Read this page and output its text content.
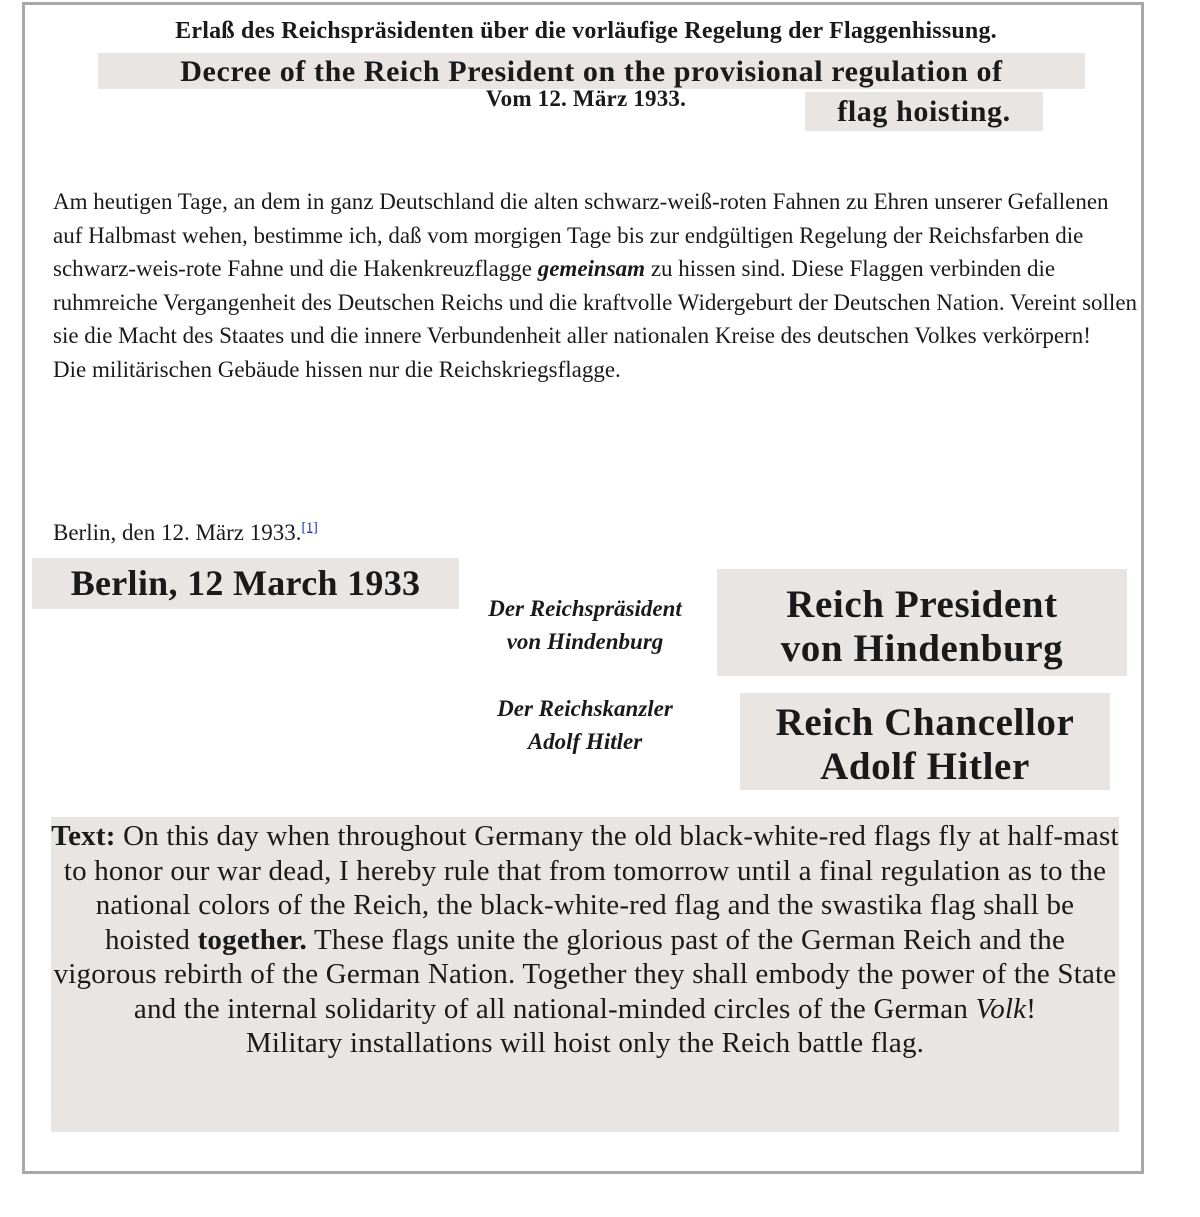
Erlaß des Reichspräsidenten über die vorläufige Regelung der Flaggenhissung.
Decree of the Reich President on the provisional regulation of
Vom 12. März 1933.	flag hoisting.

Am heutigen Tage, an dem in ganz Deutschland die alten schwarz-weiß-roten Fahnen zu Ehren unserer Gefallenen auf Halbmast wehen, bestimme ich, daß vom morgigen Tage bis zur endgültigen Regelung der Reichsfarben die schwarz-weis-rote Fahne und die Hakenkreuzflagge gemeinsam zu hissen sind. Diese Flaggen verbinden die ruhmreiche Vergangenheit des Deutschen Reichs und die kraftvolle Widergeburt der Deutschen Nation. Vereint sollen sie die Macht des Staates und die innere Verbundenheit aller nationalen Kreise des deutschen Volkes verkörpern!

Die militärischen Gebäude hissen nur die Reichskriegsflagge.

Berlin, den 12. März 1933.[1]
Berlin, 12 March 1933
Der Reichspräsident
von Hindenburg
Reich President
von Hindenburg
Der Reichskanzler
Adolf Hitler	Reich Chancellor
Adolf Hitler

Text: On this day when throughout Germany the old black-white-red flags fly at half-mast to honor our war dead, I hereby rule that from tomorrow until a final regulation as to the national colors of the Reich, the black-white-red flag and the swastika flag shall be hoisted together. These flags unite the glorious past of the German Reich and the vigorous rebirth of the German Nation. Together they shall embody the power of the State and the internal solidarity of all national-minded circles of the German Volk!

Military installations will hoist only the Reich battle flag.
